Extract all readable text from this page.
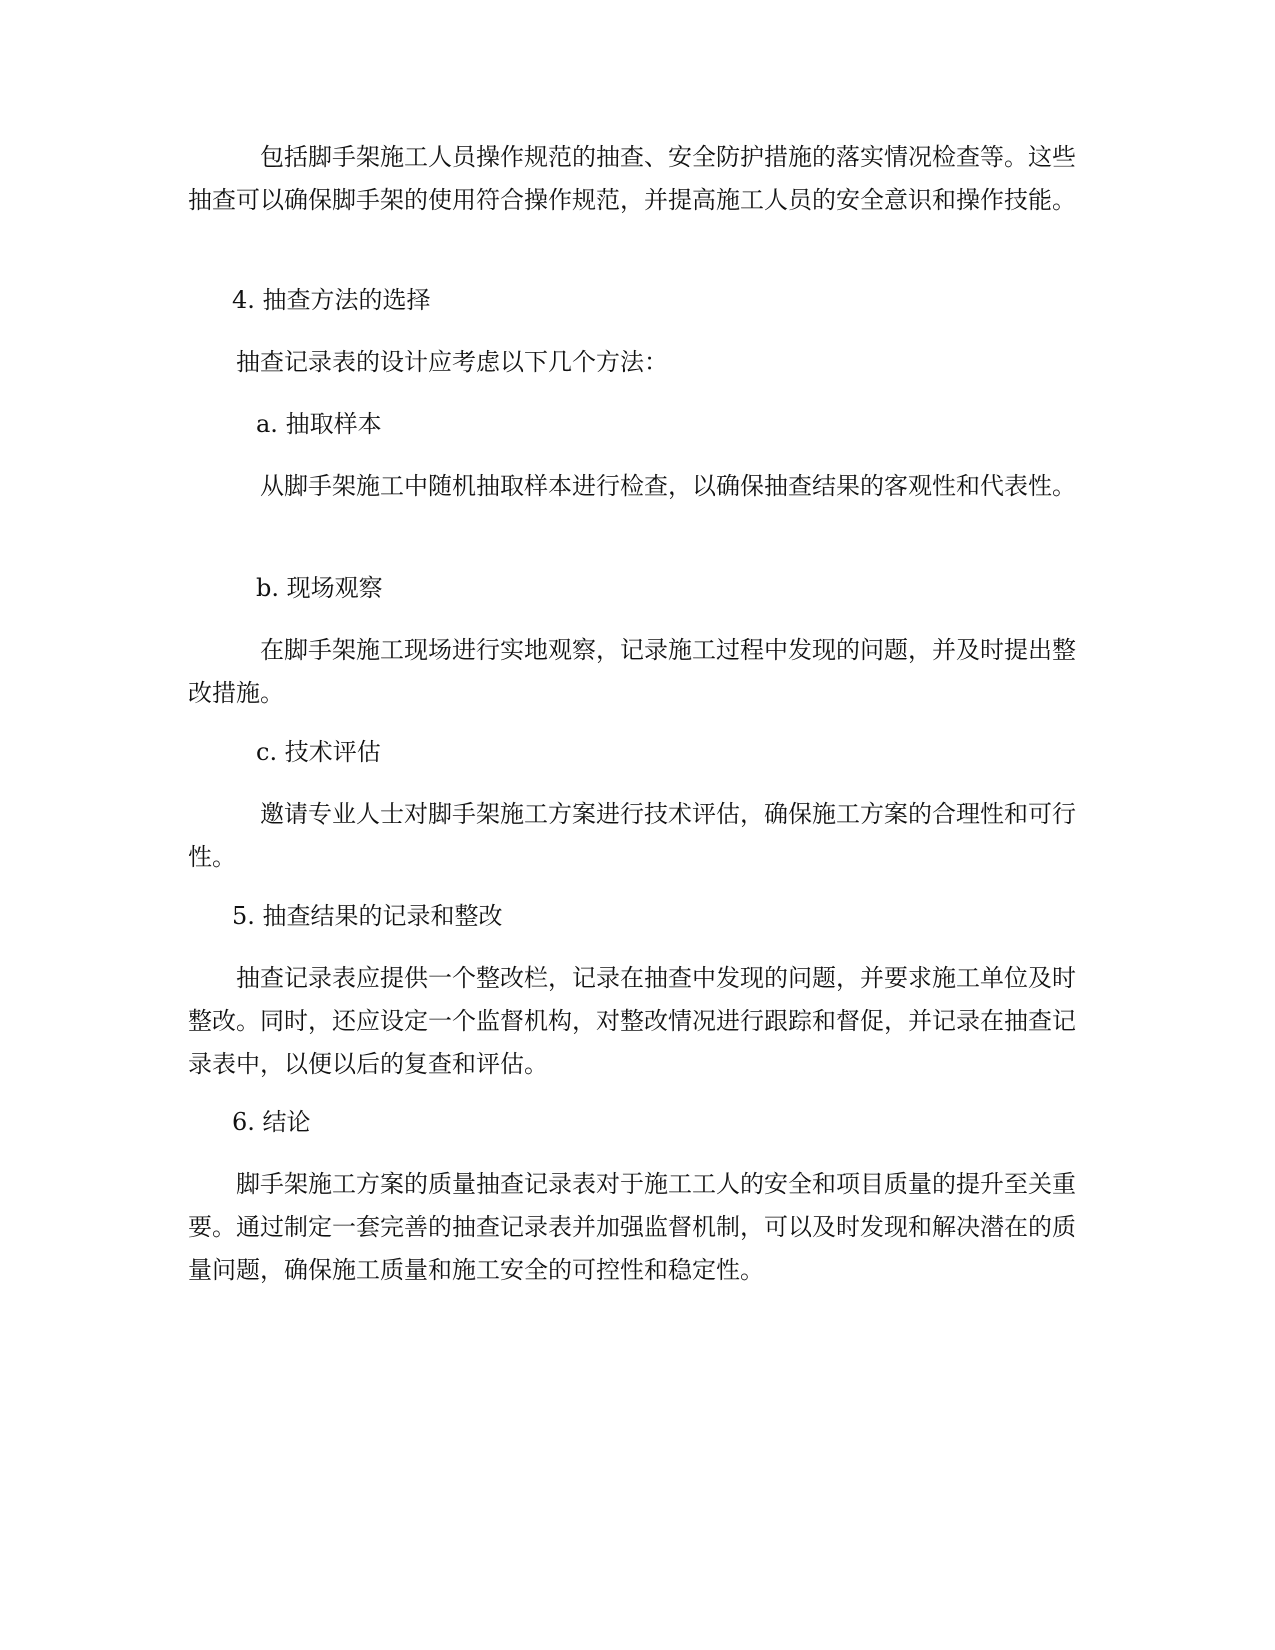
包括脚手架施工人员操作规范的抽查、安全防护措施的落实情况检查等。这些抽查可以确保脚手架的使用符合操作规范，并提高施工人员的安全意识和操作技能。

4. 抽查方法的选择

抽查记录表的设计应考虑以下几个方法：

a. 抽取样本

从脚手架施工中随机抽取样本进行检查，以确保抽查结果的客观性和代表性。

b. 现场观察

在脚手架施工现场进行实地观察，记录施工过程中发现的问题，并及时提出整改措施。

c. 技术评估

邀请专业人士对脚手架施工方案进行技术评估，确保施工方案的合理性和可行性。

5. 抽查结果的记录和整改

抽查记录表应提供一个整改栏，记录在抽查中发现的问题，并要求施工单位及时整改。同时，还应设定一个监督机构，对整改情况进行跟踪和督促，并记录在抽查记录表中，以便以后的复查和评估。

6. 结论

脚手架施工方案的质量抽查记录表对于施工工人的安全和项目质量的提升至关重要。通过制定一套完善的抽查记录表并加强监督机制，可以及时发现和解决潜在的质量问题，确保施工质量和施工安全的可控性和稳定性。
